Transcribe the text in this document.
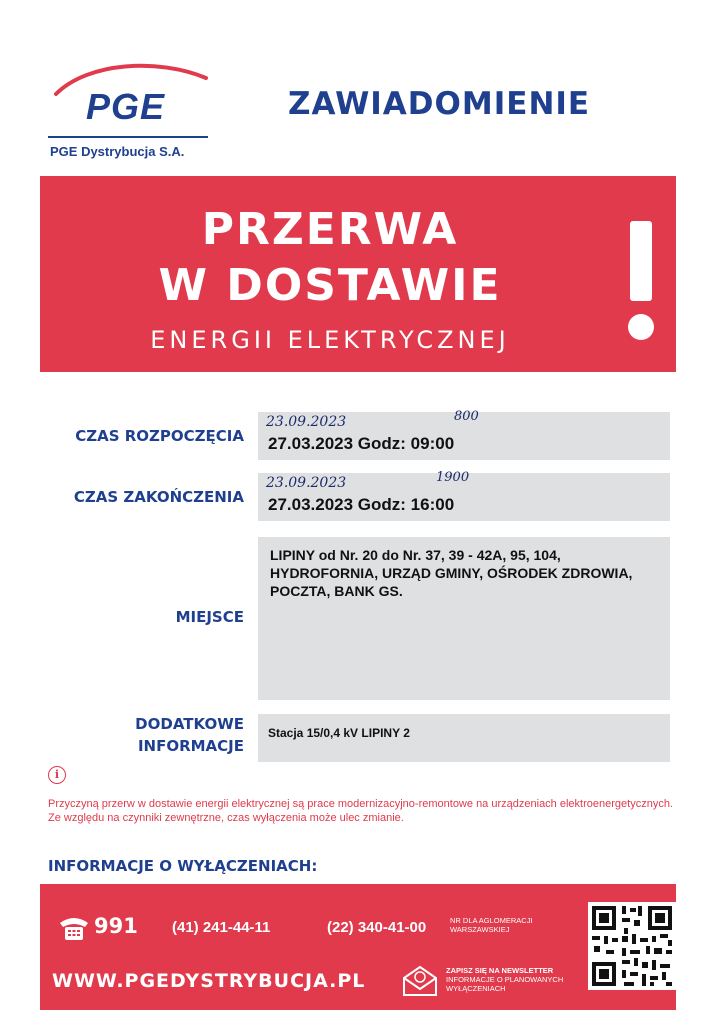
PGE
PGE Dystrybucja S.A.
ZAWIADOMIENIE
PRZERWA
W DOSTAWIE
ENERGII ELEKTRYCZNEJ
CZAS ROZPOCZĘCIA
23.09.2023	800
27.03.2023 Godz: 09:00
CZAS ZAKOŃCZENIA
23.09.2023	1900
27.03.2023 Godz: 16:00
MIEJSCE
LIPINY od Nr. 20 do Nr. 37, 39 - 42A, 95, 104, HYDROFORNIA, URZĄD GMINY, OŚRODEK ZDROWIA, POCZTA, BANK GS.
DODATKOWE
INFORMACJE
Stacja 15/0,4 kV LIPINY 2
i
Przyczyną przerw w dostawie energii elektrycznej są prace modernizacyjno-remontowe na urządzeniach elektroenergetycznych. Ze względu na czynniki zewnętrzne, czas wyłączenia może ulec zmianie.
INFORMACJE O WYŁĄCZENIACH:
991 (41) 241-44-11	(22) 340-41-00	NR DLA AGLOMERACJI WARSZAWSKIEJ
WWW.PGEDYSTRYBUCJA.PL	ZAPISZ SIĘ NA NEWSLETTER
INFORMACJE O PLANOWANYCH WYŁĄCZENIACH
